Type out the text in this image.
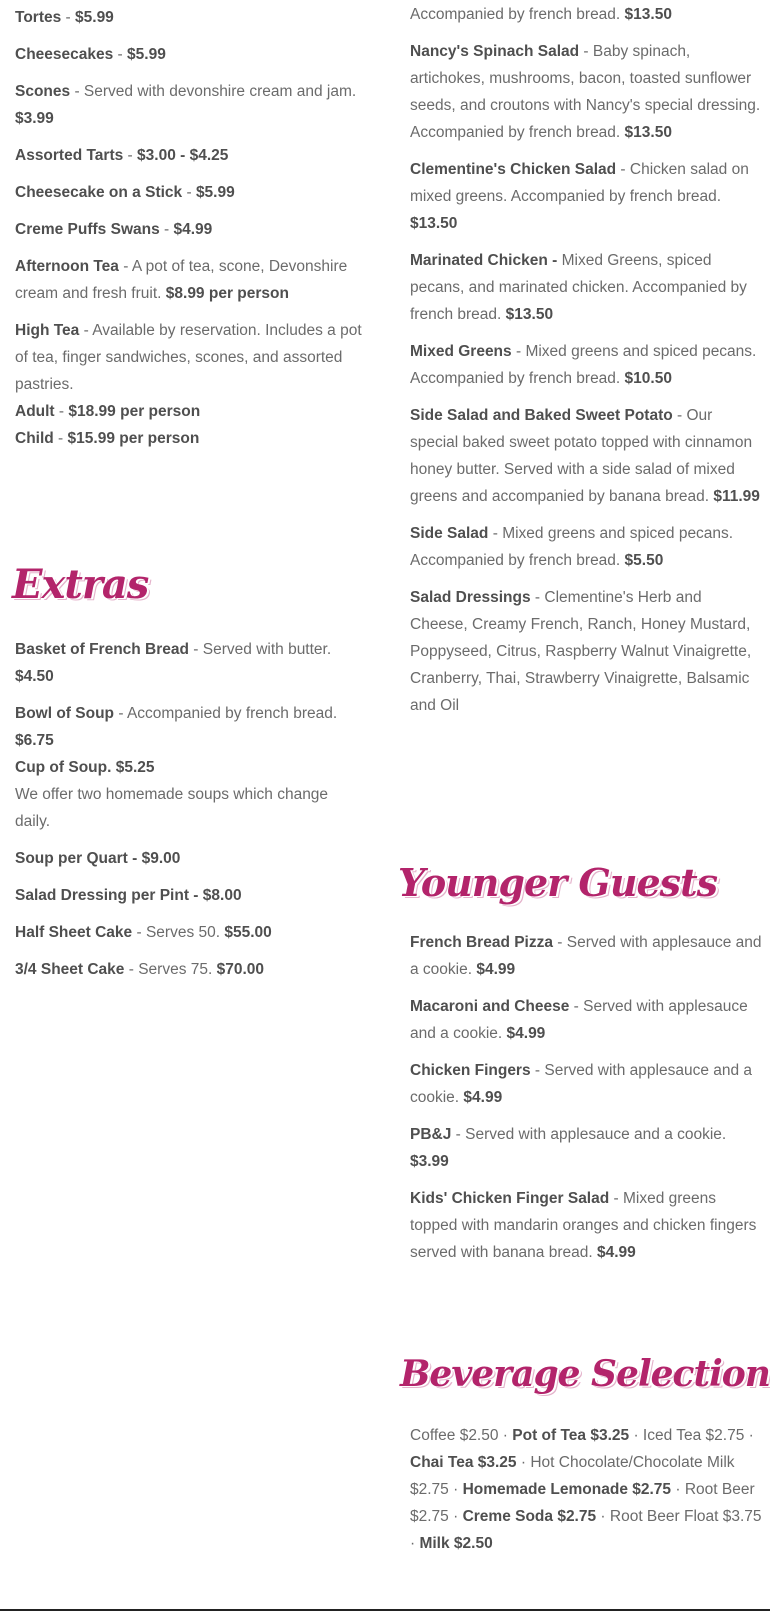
Tortes - $5.99
Cheesecakes - $5.99
Scones - Served with devonshire cream and jam. $3.99
Assorted Tarts - $3.00 - $4.25
Cheesecake on a Stick - $5.99
Creme Puffs Swans - $4.99
Afternoon Tea - A pot of tea, scone, Devonshire cream and fresh fruit. $8.99 per person
High Tea - Available by reservation. Includes a pot of tea, finger sandwiches, scones, and assorted pastries.
Adult - $18.99 per person
Child - $15.99 per person
Extras
Basket of French Bread - Served with butter. $4.50
Bowl of Soup - Accompanied by french bread. $6.75
Cup of Soup. $5.25
We offer two homemade soups which change daily.
Soup per Quart - $9.00
Salad Dressing per Pint - $8.00
Half Sheet Cake - Serves 50. $55.00
3/4 Sheet Cake - Serves 75. $70.00
Accompanied by french bread. $13.50
Nancy's Spinach Salad - Baby spinach, artichokes, mushrooms, bacon, toasted sunflower seeds, and croutons with Nancy's special dressing. Accompanied by french bread. $13.50
Clementine's Chicken Salad - Chicken salad on mixed greens. Accompanied by french bread. $13.50
Marinated Chicken - Mixed Greens, spiced pecans, and marinated chicken. Accompanied by french bread. $13.50
Mixed Greens - Mixed greens and spiced pecans. Accompanied by french bread. $10.50
Side Salad and Baked Sweet Potato - Our special baked sweet potato topped with cinnamon honey butter. Served with a side salad of mixed greens and accompanied by banana bread. $11.99
Side Salad - Mixed greens and spiced pecans. Accompanied by french bread. $5.50
Salad Dressings - Clementine's Herb and Cheese, Creamy French, Ranch, Honey Mustard, Poppyseed, Citrus, Raspberry Walnut Vinaigrette, Cranberry, Thai, Strawberry Vinaigrette, Balsamic and Oil
Younger Guests
French Bread Pizza - Served with applesauce and a cookie. $4.99
Macaroni and Cheese - Served with applesauce and a cookie. $4.99
Chicken Fingers - Served with applesauce and a cookie. $4.99
PB&J - Served with applesauce and a cookie. $3.99
Kids' Chicken Finger Salad - Mixed greens topped with mandarin oranges and chicken fingers served with banana bread. $4.99
Beverage Selection
Coffee $2.50 · Pot of Tea $3.25 · Iced Tea $2.75 · Chai Tea $3.25 · Hot Chocolate/Chocolate Milk $2.75 · Homemade Lemonade $2.75 · Root Beer $2.75 · Creme Soda $2.75 · Root Beer Float $3.75 · Milk $2.50
